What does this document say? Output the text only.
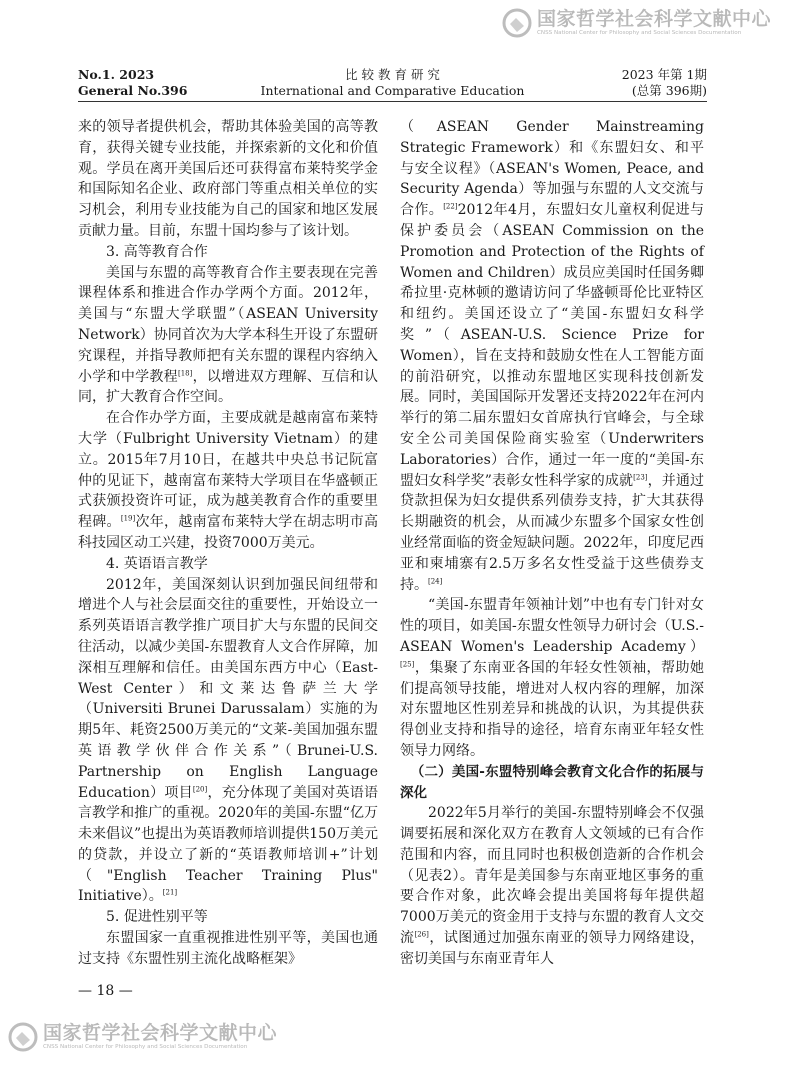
国家哲学社会科学文献中心
CNSS National Center for Philosophy and Social Sciences Documentation
No.1. 2023
General No.396
比 较 教 育 研 究
International and Comparative Education
2023 年第 1期
(总第 396期)

来的领导者提供机会，帮助其体验美国的高等教育，获得关键专业技能，并探索新的文化和价值观。学员在离开美国后还可获得富布莱特奖学金和国际知名企业、政府部门等重点相关单位的实习机会，利用专业技能为自己的国家和地区发展贡献力量。目前，东盟十国均参与了该计划。

3. 高等教育合作

美国与东盟的高等教育合作主要表现在完善课程体系和推进合作办学两个方面。2012年，美国与“东盟大学联盟”（ASEAN University Network）协同首次为大学本科生开设了东盟研究课程，并指导教师把有关东盟的课程内容纳入小学和中学教程[18]，以增进双方理解、互信和认同，扩大教育合作空间。

在合作办学方面，主要成就是越南富布莱特大学（Fulbright University Vietnam）的建立。2015年7月10日，在越共中央总书记阮富仲的见证下，越南富布莱特大学项目在华盛顿正式获颁投资许可证，成为越美教育合作的重要里程碑。[19]次年，越南富布莱特大学在胡志明市高科技园区动工兴建，投资7000万美元。

4. 英语语言教学

2012年，美国深刻认识到加强民间纽带和增进个人与社会层面交往的重要性，开始设立一系列英语语言教学推广项目扩大与东盟的民间交往活动，以减少美国-东盟教育人文合作屏障，加深相互理解和信任。由美国东西方中心（East-West Center）和文莱达鲁萨兰大学（Universiti Brunei Darussalam）实施的为期5年、耗资2500万美元的“文莱-美国加强东盟英语教学伙伴合作关系”（Brunei-U.S. Partnership on English Language Education）项目[20]，充分体现了美国对英语语言教学和推广的重视。2020年的美国-东盟“亿万未来倡议”也提出为英语教师培训提供150万美元的贷款，并设立了新的“英语教师培训+”计划（"English Teacher Training Plus" Initiative）。[21]

5. 促进性别平等

东盟国家一直重视推进性别平等，美国也通过支持《东盟性别主流化战略框架》

（ASEAN Gender Mainstreaming Strategic Framework）和《东盟妇女、和平与安全议程》（ASEAN's Women, Peace, and Security Agenda）等加强与东盟的人文交流与合作。[22]2012年4月，东盟妇女儿童权利促进与保护委员会（ASEAN Commission on the Promotion and Protection of the Rights of Women and Children）成员应美国时任国务卿希拉里·克林顿的邀请访问了华盛顿哥伦比亚特区和纽约。美国还设立了“美国-东盟妇女科学奖”（ASEAN-U.S. Science Prize for Women），旨在支持和鼓励女性在人工智能方面的前沿研究，以推动东盟地区实现科技创新发展。同时，美国国际开发署还支持2022年在河内举行的第二届东盟妇女首席执行官峰会，与全球安全公司美国保险商实验室（Underwriters Laboratories）合作，通过一年一度的“美国-东盟妇女科学奖”表彰女性科学家的成就[23]，并通过贷款担保为妇女提供系列债券支持，扩大其获得长期融资的机会，从而减少东盟多个国家女性创业经常面临的资金短缺问题。2022年，印度尼西亚和柬埔寨有2.5万多名女性受益于这些债券支持。[24]

“美国-东盟青年领袖计划”中也有专门针对女性的项目，如美国-东盟女性领导力研讨会（U.S.-ASEAN Women's Leadership Academy）[25]，集聚了东南亚各国的年轻女性领袖，帮助她们提高领导技能，增进对人权内容的理解，加深对东盟地区性别差异和挑战的认识，为其提供获得创业支持和指导的途径，培育东南亚年轻女性领导力网络。

（二）美国-东盟特别峰会教育文化合作的拓展与深化

2022年5月举行的美国-东盟特别峰会不仅强调要拓展和深化双方在教育人文领域的已有合作范围和内容，而且同时也积极创造新的合作机会（见表2）。青年是美国参与东南亚地区事务的重要合作对象，此次峰会提出美国将每年提供超7000万美元的资金用于支持与东盟的教育人文交流[26]，试图通过加强东南亚的领导力网络建设，密切美国与东南亚青年人

— 18 —
国家哲学社会科学文献中心
CNSS National Center for Philosophy and Social Sciences Documentation
